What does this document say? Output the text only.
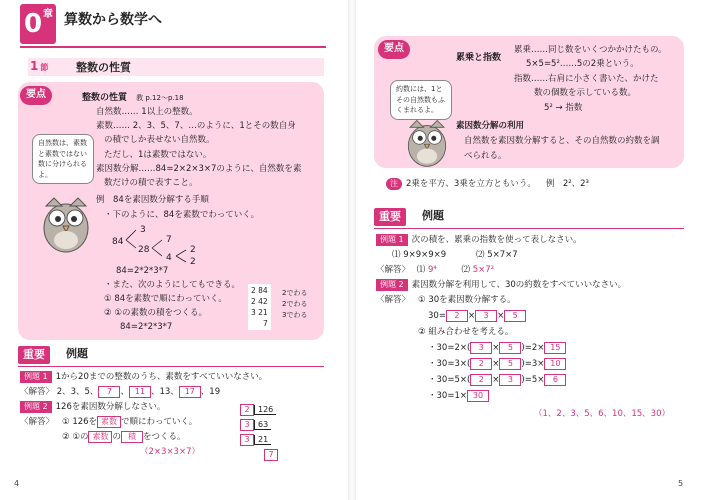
0 章 算数から数学へ
1 節	整数の性質
要点
自然数は、素数
と素数ではない
数に分けられる
よ。
整数の性質 教 p.12〜p.18
自然数…… 1以上の整数。
素数…… 2、3、5、7、…のように、1とその数自身
の積でしか表せない自然数。
ただし、1は素数ではない。
素因数分解……84=2×2×3×7のように、自然数を素
数だけの積で表すこと。
例　84を素因数分解する手順
・下のように、84を素数でわっていく。
84
3
28
7
4
2
2
84=2*2*3*7
・また、次のようにしてもできる。
① 84を素数で順にわっていく。
② ①の素数の積をつくる。
84=2*2*3*7
2 84
2 42
3 21
7
2でわる
2でわる
3でわる
重要	例題
例題 1 1から20までの整数のうち、素数をすべていいなさい。
〈解答〉 2、3、5、 7 、 11 、13、 17 、19
例題 2 126を素因数分解しなさい。
〈解答〉 ① 126を 素数 で順にわっていく。
② ①の 素数 の 積 をつくる。
（2×3×3×7）
2 126
3 63
3 21
7
4
要点
約数には、1と
その自然数もふ
くまれるよ。
累乗と指数
累乗……同じ数をいくつかかけたもの。
5×5=5²……5の2乗という。
指数……右肩に小さく書いた、かけた
数の個数を示している数。
5² → 指数
素因数分解の利用
自然数を素因数分解すると、その自然数の約数を調
べられる。
注 2乗を平方、3乗を立方ともいう。 例　2²、2³
重要	例題
例題 1 次の積を、累乗の指数を使って表しなさい。
⑴ 9×9×9×9	⑵ 5×7×7
〈解答〉 ⑴ 9⁴	⑵ 5×7²
例題 2 素因数分解を利用して、30の約数をすべていいなさい。
〈解答〉 ① 30を素因数分解する。
30= 2 × 3 × 5
② 組み合わせを考える。
・30=2×( 3 × 5 )=2× 15
・30=3×( 2 × 5 )=3× 10
・30=5×( 2 × 3 )=5× 6
・30=1× 30
（1、2、3、5、6、10、15、30）
5
